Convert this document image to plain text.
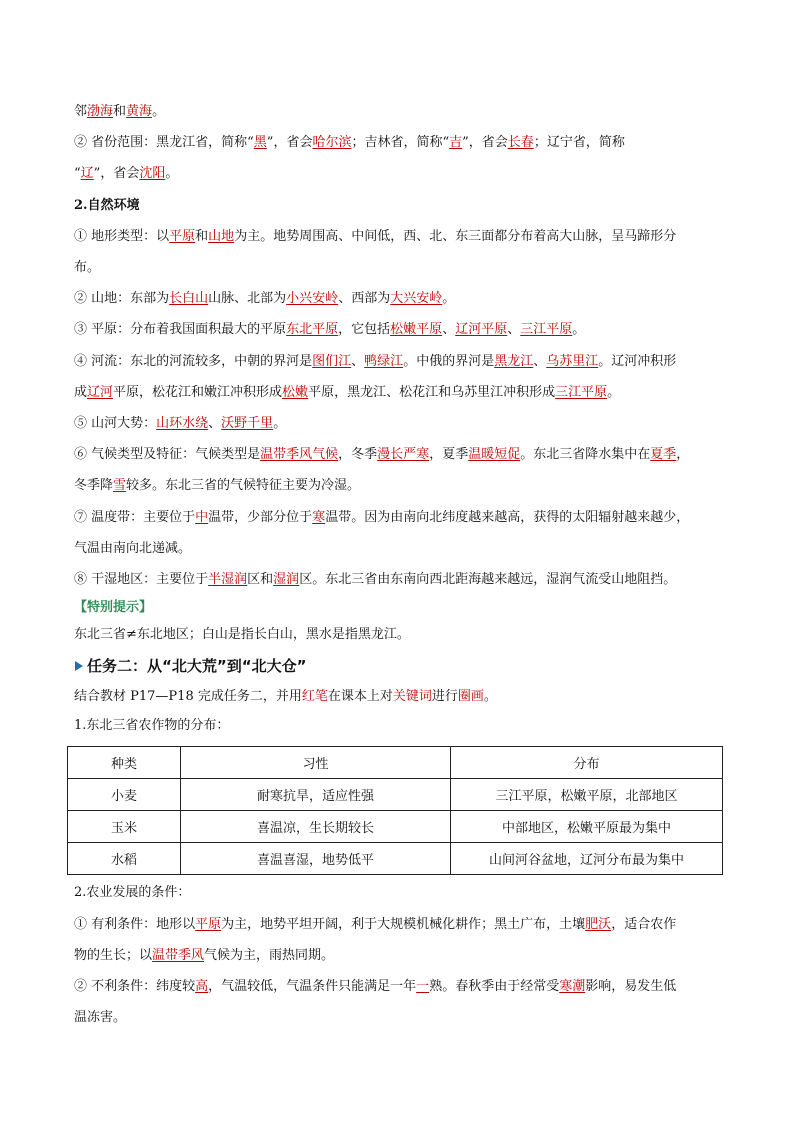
邻渤海和黄海。

② 省份范围：黑龙江省，简称“黑”，省会哈尔滨；吉林省，简称“吉”，省会长春；辽宁省，简称

“辽”，省会沈阳。

2.自然环境

① 地形类型：以平原和山地为主。地势周围高、中间低，西、北、东三面都分布着高大山脉，呈马蹄形分

布。

② 山地：东部为长白山山脉、北部为小兴安岭、西部为大兴安岭。

③ 平原：分布着我国面积最大的平原东北平原，它包括松嫩平原、辽河平原、三江平原。

④ 河流：东北的河流较多，中朝的界河是图们江、鸭绿江。中俄的界河是黑龙江、乌苏里江。辽河冲积形

成辽河平原，松花江和嫩江冲积形成松嫩平原，黑龙江、松花江和乌苏里江冲积形成三江平原。

⑤ 山河大势：山环水绕、沃野千里。

⑥ 气候类型及特征：气候类型是温带季风气候，冬季漫长严寒，夏季温暖短促。东北三省降水集中在夏季，

冬季降雪较多。东北三省的气候特征主要为冷湿。

⑦ 温度带：主要位于中温带，少部分位于寒温带。因为由南向北纬度越来越高，获得的太阳辐射越来越少，

气温由南向北递减。

⑧ 干湿地区：主要位于半湿润区和湿润区。东北三省由东南向西北距海越来越远，湿润气流受山地阻挡。

【特别提示】

东北三省≠东北地区；白山是指长白山，黑水是指黑龙江。

任务二：从“北大荒”到“北大仓”

结合教材 P17—P18 完成任务二，并用红笔在课本上对关键词进行圈画。

1.东北三省农作物的分布：

种类	习性	分布
小麦	耐寒抗旱，适应性强	三江平原，松嫩平原，北部地区
玉米	喜温凉，生长期较长	中部地区，松嫩平原最为集中
水稻	喜温喜湿，地势低平	山间河谷盆地，辽河分布最为集中

2.农业发展的条件：

① 有利条件：地形以平原为主，地势平坦开阔，利于大规模机械化耕作；黑土广布，土壤肥沃，适合农作

物的生长；以温带季风气候为主，雨热同期。

② 不利条件：纬度较高，气温较低，气温条件只能满足一年一熟。春秋季由于经常受寒潮影响，易发生低

温冻害。
